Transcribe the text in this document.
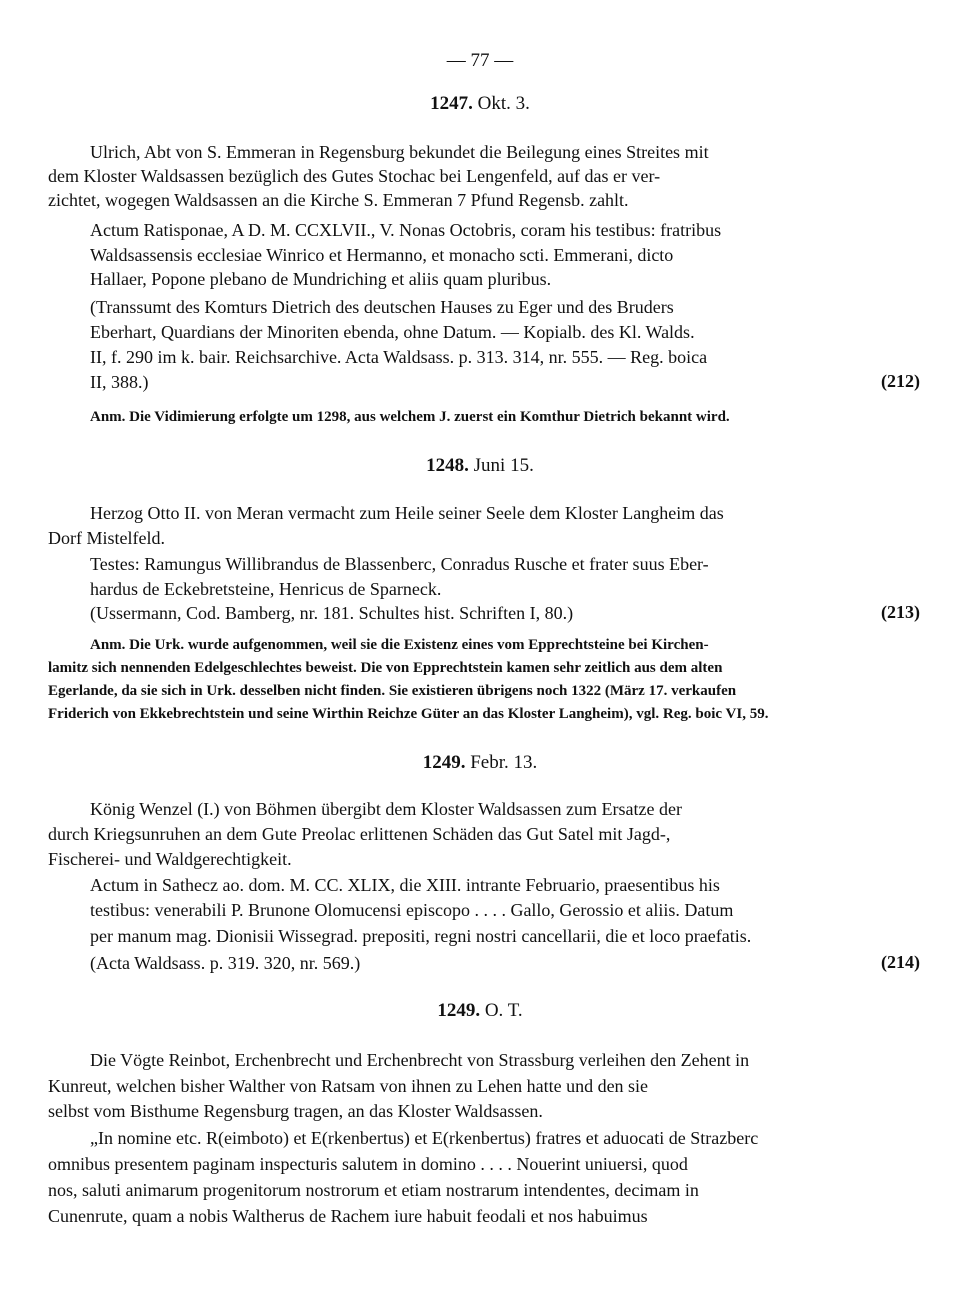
— 77 —
1247. Okt. 3.
Ulrich, Abt von S. Emmeran in Regensburg bekundet die Beilegung eines Streites mit
dem Kloster Waldsassen bezüglich des Gutes Stochac bei Lengenfeld, auf das er ver-
zichtet, wogegen Waldsassen an die Kirche S. Emmeran 7 Pfund Regensb. zahlt.
Actum Ratisponae, A D. M. CCXLVII., V. Nonas Octobris, coram his testibus: fratribus
Waldsassensis ecclesiae Winrico et Hermanno, et monacho sctі. Emmerani, dicto
Hallaer, Popone plebano de Mundriching et aliis quam pluribus.
(Transsumt des Komturs Dietrich des deutschen Hauses zu Eger und des Bruders
Eberhart, Quardians der Minoriten ebenda, ohne Datum. — Kopialb. des Kl. Walds.
II, f. 290 im k. bair. Reichsarchive. Acta Waldsass. p. 313. 314, nr. 555. — Reg. boica
II, 388.)	(212)
Anm. Die Vidimierung erfolgte um 1298, aus welchem J. zuerst ein Komthur Dietrich bekannt wird.
1248. Juni 15.
Herzog Otto II. von Meran vermacht zum Heile seiner Seele dem Kloster Langheim das
Dorf Mistelfeld.
Testes: Ramungus Willibrandus de Blassenberc, Conradus Rusche et frater suus Eber-
hardus de Eckebretsteine, Henricus de Sparneck.
(Ussermann, Cod. Bamberg, nr. 181. Schultes hist. Schriften I, 80.)	(213)
Anm. Die Urk. wurde aufgenommen, weil sie die Existenz eines vom Epprechtsteine bei Kirchen-
lamitz sich nennenden Edelgeschlechtes beweist. Die von Epprechtstein kamen sehr zeitlich aus dem alten
Egerlande, da sie sich in Urk. desselben nicht finden. Sie existieren übrigens noch 1322 (März 17. verkaufen
Friderich von Ekkebrechtstein und seine Wirthin Reichze Güter an das Kloster Langheim), vgl. Reg. boic VI, 59.
1249. Febr. 13.
König Wenzel (I.) von Böhmen übergibt dem Kloster Waldsassen zum Ersatze der
durch Kriegsunruhen an dem Gute Preolac erlittenen Schäden das Gut Satel mit Jagd-,
Fischerei- und Waldgerechtigkeit.
Actum in Sathecz ao. dom. M. CC. XLIX, die XIII. intrante Februario, praesentibus his
testibus: venerabili P. Brunone Olomucensi episcopo . . . . Gallo, Gerossio et aliis. Datum
per manum mag. Dionisii Wissegrad. prepositi, regni nostri cancellarii, die et loco praefatis.
(Acta Waldsass. p. 319. 320, nr. 569.)	(214)
1249. O. T.
Die Vögte Reinbot, Erchenbrecht und Erchenbrecht von Strassburg verleihen den Zehent in
Kunreut, welchen bisher Walther von Ratsam von ihnen zu Lehen hatte und den sie
selbst vom Bisthume Regensburg tragen, an das Kloster Waldsassen.
„In nomine etc. R(eimboto) et E(rkenbertus) et E(rkenbertus) fratres et aduocati de Strazberc
omnibus presentem paginam inspecturis salutem in domino . . . . Nouerint uniuersi, quod
nos, saluti animarum progenitorum nostrorum et etiam nostrarum intendentes, decimam in
Cunenrute, quam a nobis Waltherus de Rachem iure habuit feodali et nos habuimus
